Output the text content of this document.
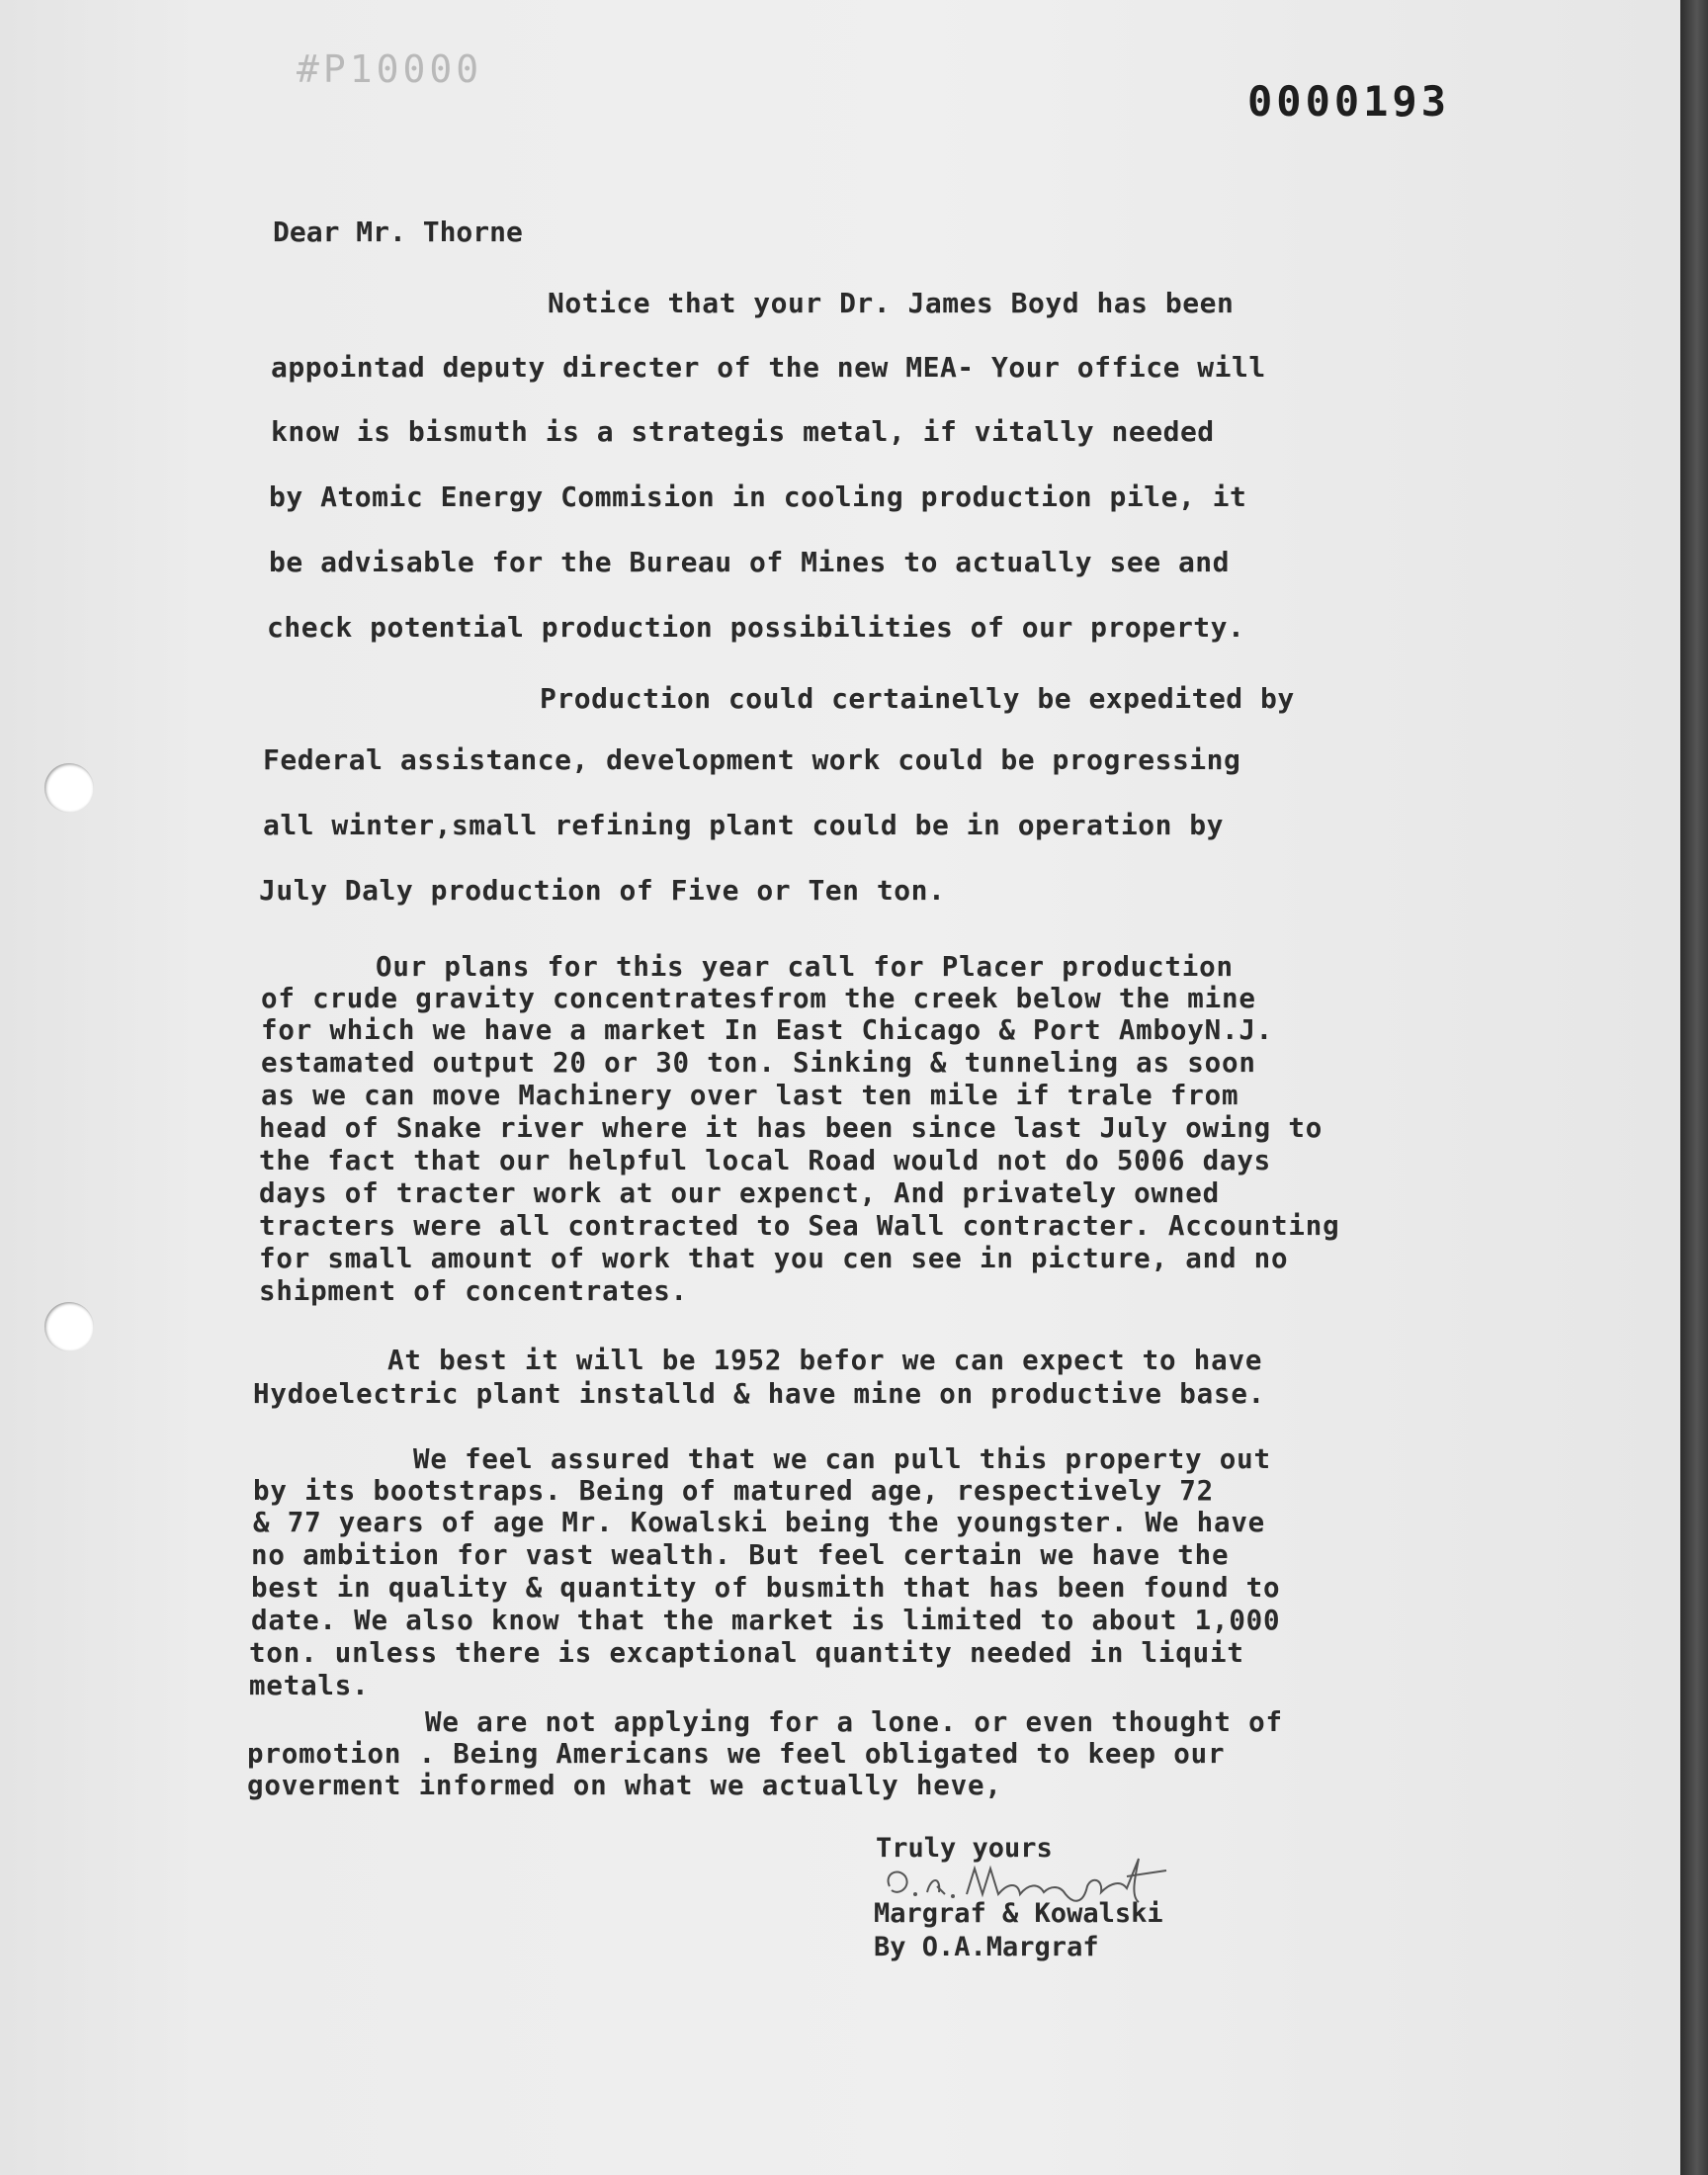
#P10000
0000193
Dear Mr. Thorne
Notice that your Dr. James Boyd has been
appointad deputy directer of the new MEA- Your office will
know is bismuth is a strategis metal, if vitally needed
by Atomic Energy Commision in cooling production pile, it
be advisable for the Bureau of Mines to actually see and
check potential production possibilities of our property.
Production could certainelly be expedited by
Federal assistance, development work could be progressing
all winter,small refining plant could be in operation by
July Daly production of Five or Ten ton.
Our plans for this year call for Placer production
of crude gravity concentratesfrom the creek below the mine
for which we have a market In East Chicago & Port AmboyN.J.
estamated output 20 or 30 ton. Sinking & tunneling as soon
as we can move Machinery over last ten mile if trale from
head of Snake river where it has been since last July owing to
the fact that our helpful local Road would not do 5006 days
days of tracter work at our expenct, And privately owned
tracters were all contracted to Sea Wall contracter. Accounting
for small amount of work that you cen see in picture, and no
shipment of concentrates.
At best it will be 1952 befor we can expect to have
Hydoelectric plant installd & have mine on productive base.
We feel assured that we can pull this property out
by its bootstraps. Being of matured age, respectively 72
& 77 years of age Mr. Kowalski being the youngster. We have
no ambition for vast wealth. But feel certain we have the
best in quality & quantity of busmith that has been found to
date. We also know that the market is limited to about 1,000
ton. unless there is excaptional quantity needed in liquit
metals.
We are not applying for a lone. or even thought of
promotion . Being Americans we feel obligated to keep our
goverment informed on what we actually heve,
Truly yours
Margraf & Kowalski
By O.A.Margraf
